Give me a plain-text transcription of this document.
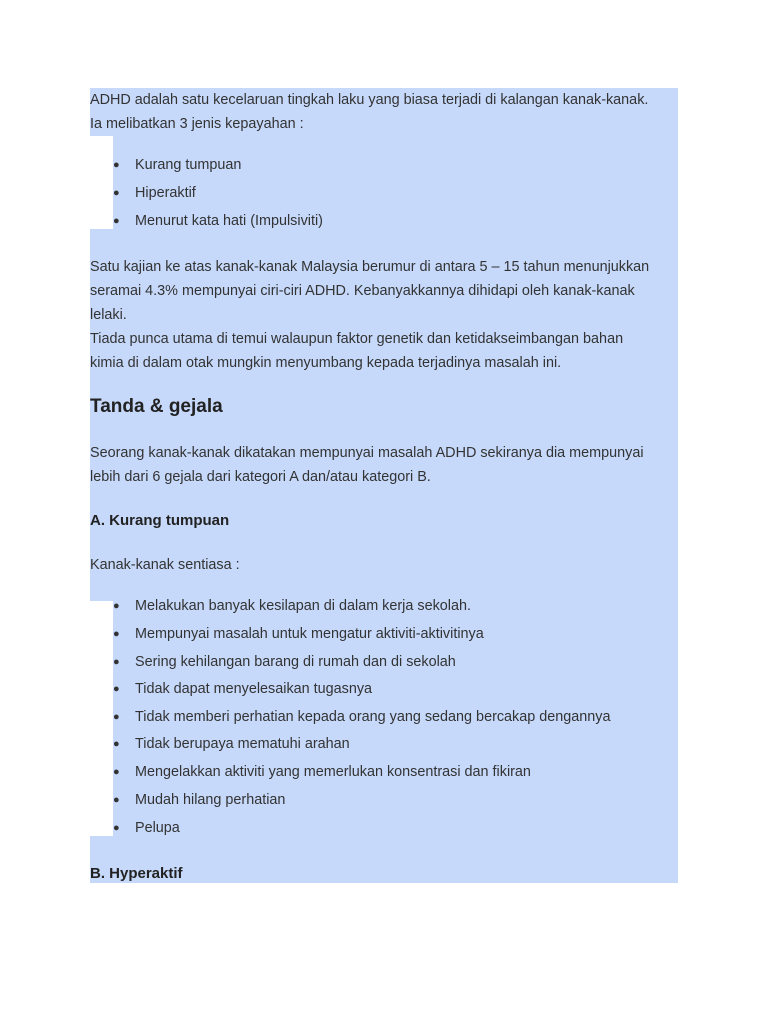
ADHD adalah satu kecelaruan tingkah laku yang biasa terjadi di kalangan kanak-kanak.
Ia melibatkan 3 jenis kepayahan :
● Kurang tumpuan
● Hiperaktif
● Menurut kata hati (Impulsiviti)
Satu kajian ke atas kanak-kanak Malaysia berumur di antara 5 – 15 tahun menunjukkan
seramai 4.3% mempunyai ciri-ciri ADHD. Kebanyakkannya dihidapi oleh kanak-kanak
lelaki.
Tiada punca utama di temui walaupun faktor genetik dan ketidakseimbangan bahan
kimia di dalam otak mungkin menyumbang kepada terjadinya masalah ini.
Tanda & gejala
Seorang kanak-kanak dikatakan mempunyai masalah ADHD sekiranya dia mempunyai
lebih dari 6 gejala dari kategori A dan/atau kategori B.
A. Kurang tumpuan
Kanak-kanak sentiasa :
● Melakukan banyak kesilapan di dalam kerja sekolah.
● Mempunyai masalah untuk mengatur aktiviti-aktivitinya
● Sering kehilangan barang di rumah dan di sekolah
● Tidak dapat menyelesaikan tugasnya
● Tidak memberi perhatian kepada orang yang sedang bercakap dengannya
● Tidak berupaya mematuhi arahan
● Mengelakkan aktiviti yang memerlukan konsentrasi dan fikiran
● Mudah hilang perhatian
● Pelupa
B. Hyperaktif
